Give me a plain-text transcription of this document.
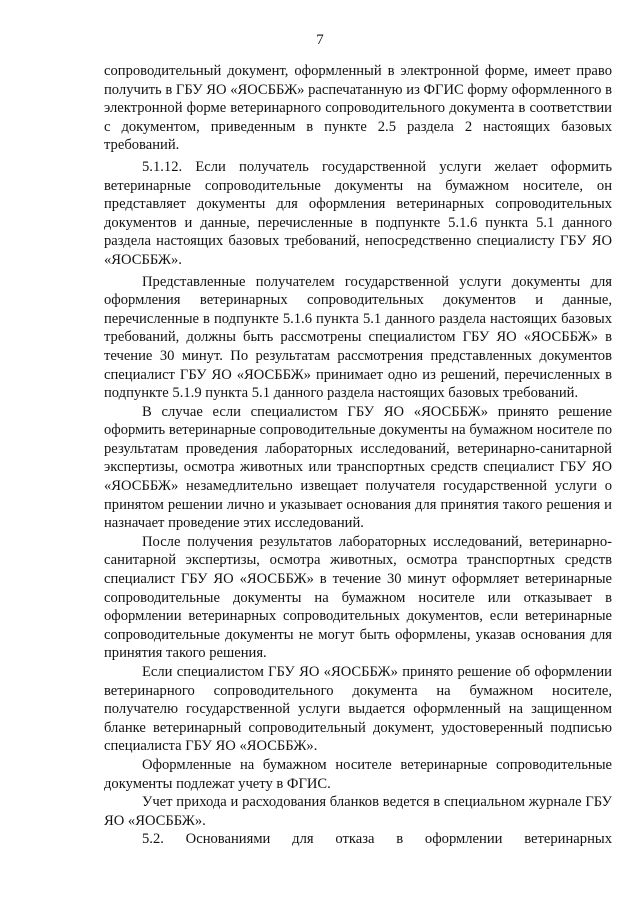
7

сопроводительный документ, оформленный в электронной форме, имеет право получить в ГБУ ЯО «ЯОСББЖ» распечатанную из ФГИС форму оформленного в электронной форме ветеринарного сопроводительного документа в соответствии с документом, приведенным в пункте 2.5 раздела 2 настоящих базовых требований.

5.1.12. Если получатель государственной услуги желает оформить ветеринарные сопроводительные документы на бумажном носителе, он представляет документы для оформления ветеринарных сопроводительных документов и данные, перечисленные в подпункте 5.1.6 пункта 5.1 данного раздела настоящих базовых требований, непосредственно специалисту ГБУ ЯО «ЯОСББЖ».

Представленные получателем государственной услуги документы для оформления ветеринарных сопроводительных документов и данные, перечисленные в подпункте 5.1.6 пункта 5.1 данного раздела настоящих базовых требований, должны быть рассмотрены специалистом ГБУ ЯО «ЯОСББЖ» в течение 30 минут. По результатам рассмотрения представленных документов специалист ГБУ ЯО «ЯОСББЖ» принимает одно из решений, перечисленных в подпункте 5.1.9 пункта 5.1 данного раздела настоящих базовых требований.

В случае если специалистом ГБУ ЯО «ЯОСББЖ» принято решение оформить ветеринарные сопроводительные документы на бумажном носителе по результатам проведения лабораторных исследований, ветеринарно-санитарной экспертизы, осмотра животных или транспортных средств специалист ГБУ ЯО «ЯОСББЖ» незамедлительно извещает получателя государственной услуги о принятом решении лично и указывает основания для принятия такого решения и назначает проведение этих исследований.

После получения результатов лабораторных исследований, ветеринарно-санитарной экспертизы, осмотра животных, осмотра транспортных средств специалист ГБУ ЯО «ЯОСББЖ» в течение 30 минут оформляет ветеринарные сопроводительные документы на бумажном носителе или отказывает в оформлении ветеринарных сопроводительных документов, если ветеринарные сопроводительные документы не могут быть оформлены, указав основания для принятия такого решения.

Если специалистом ГБУ ЯО «ЯОСББЖ» принято решение об оформлении ветеринарного сопроводительного документа на бумажном носителе, получателю государственной услуги выдается оформленный на защищенном бланке ветеринарный сопроводительный документ, удостоверенный подписью специалиста ГБУ ЯО «ЯОСББЖ».

Оформленные на бумажном носителе ветеринарные сопроводительные документы подлежат учету в ФГИС.

Учет прихода и расходования бланков ведется в специальном журнале ГБУ ЯО «ЯОСББЖ».

5.2. Основаниями для отказа в оформлении ветеринарных
